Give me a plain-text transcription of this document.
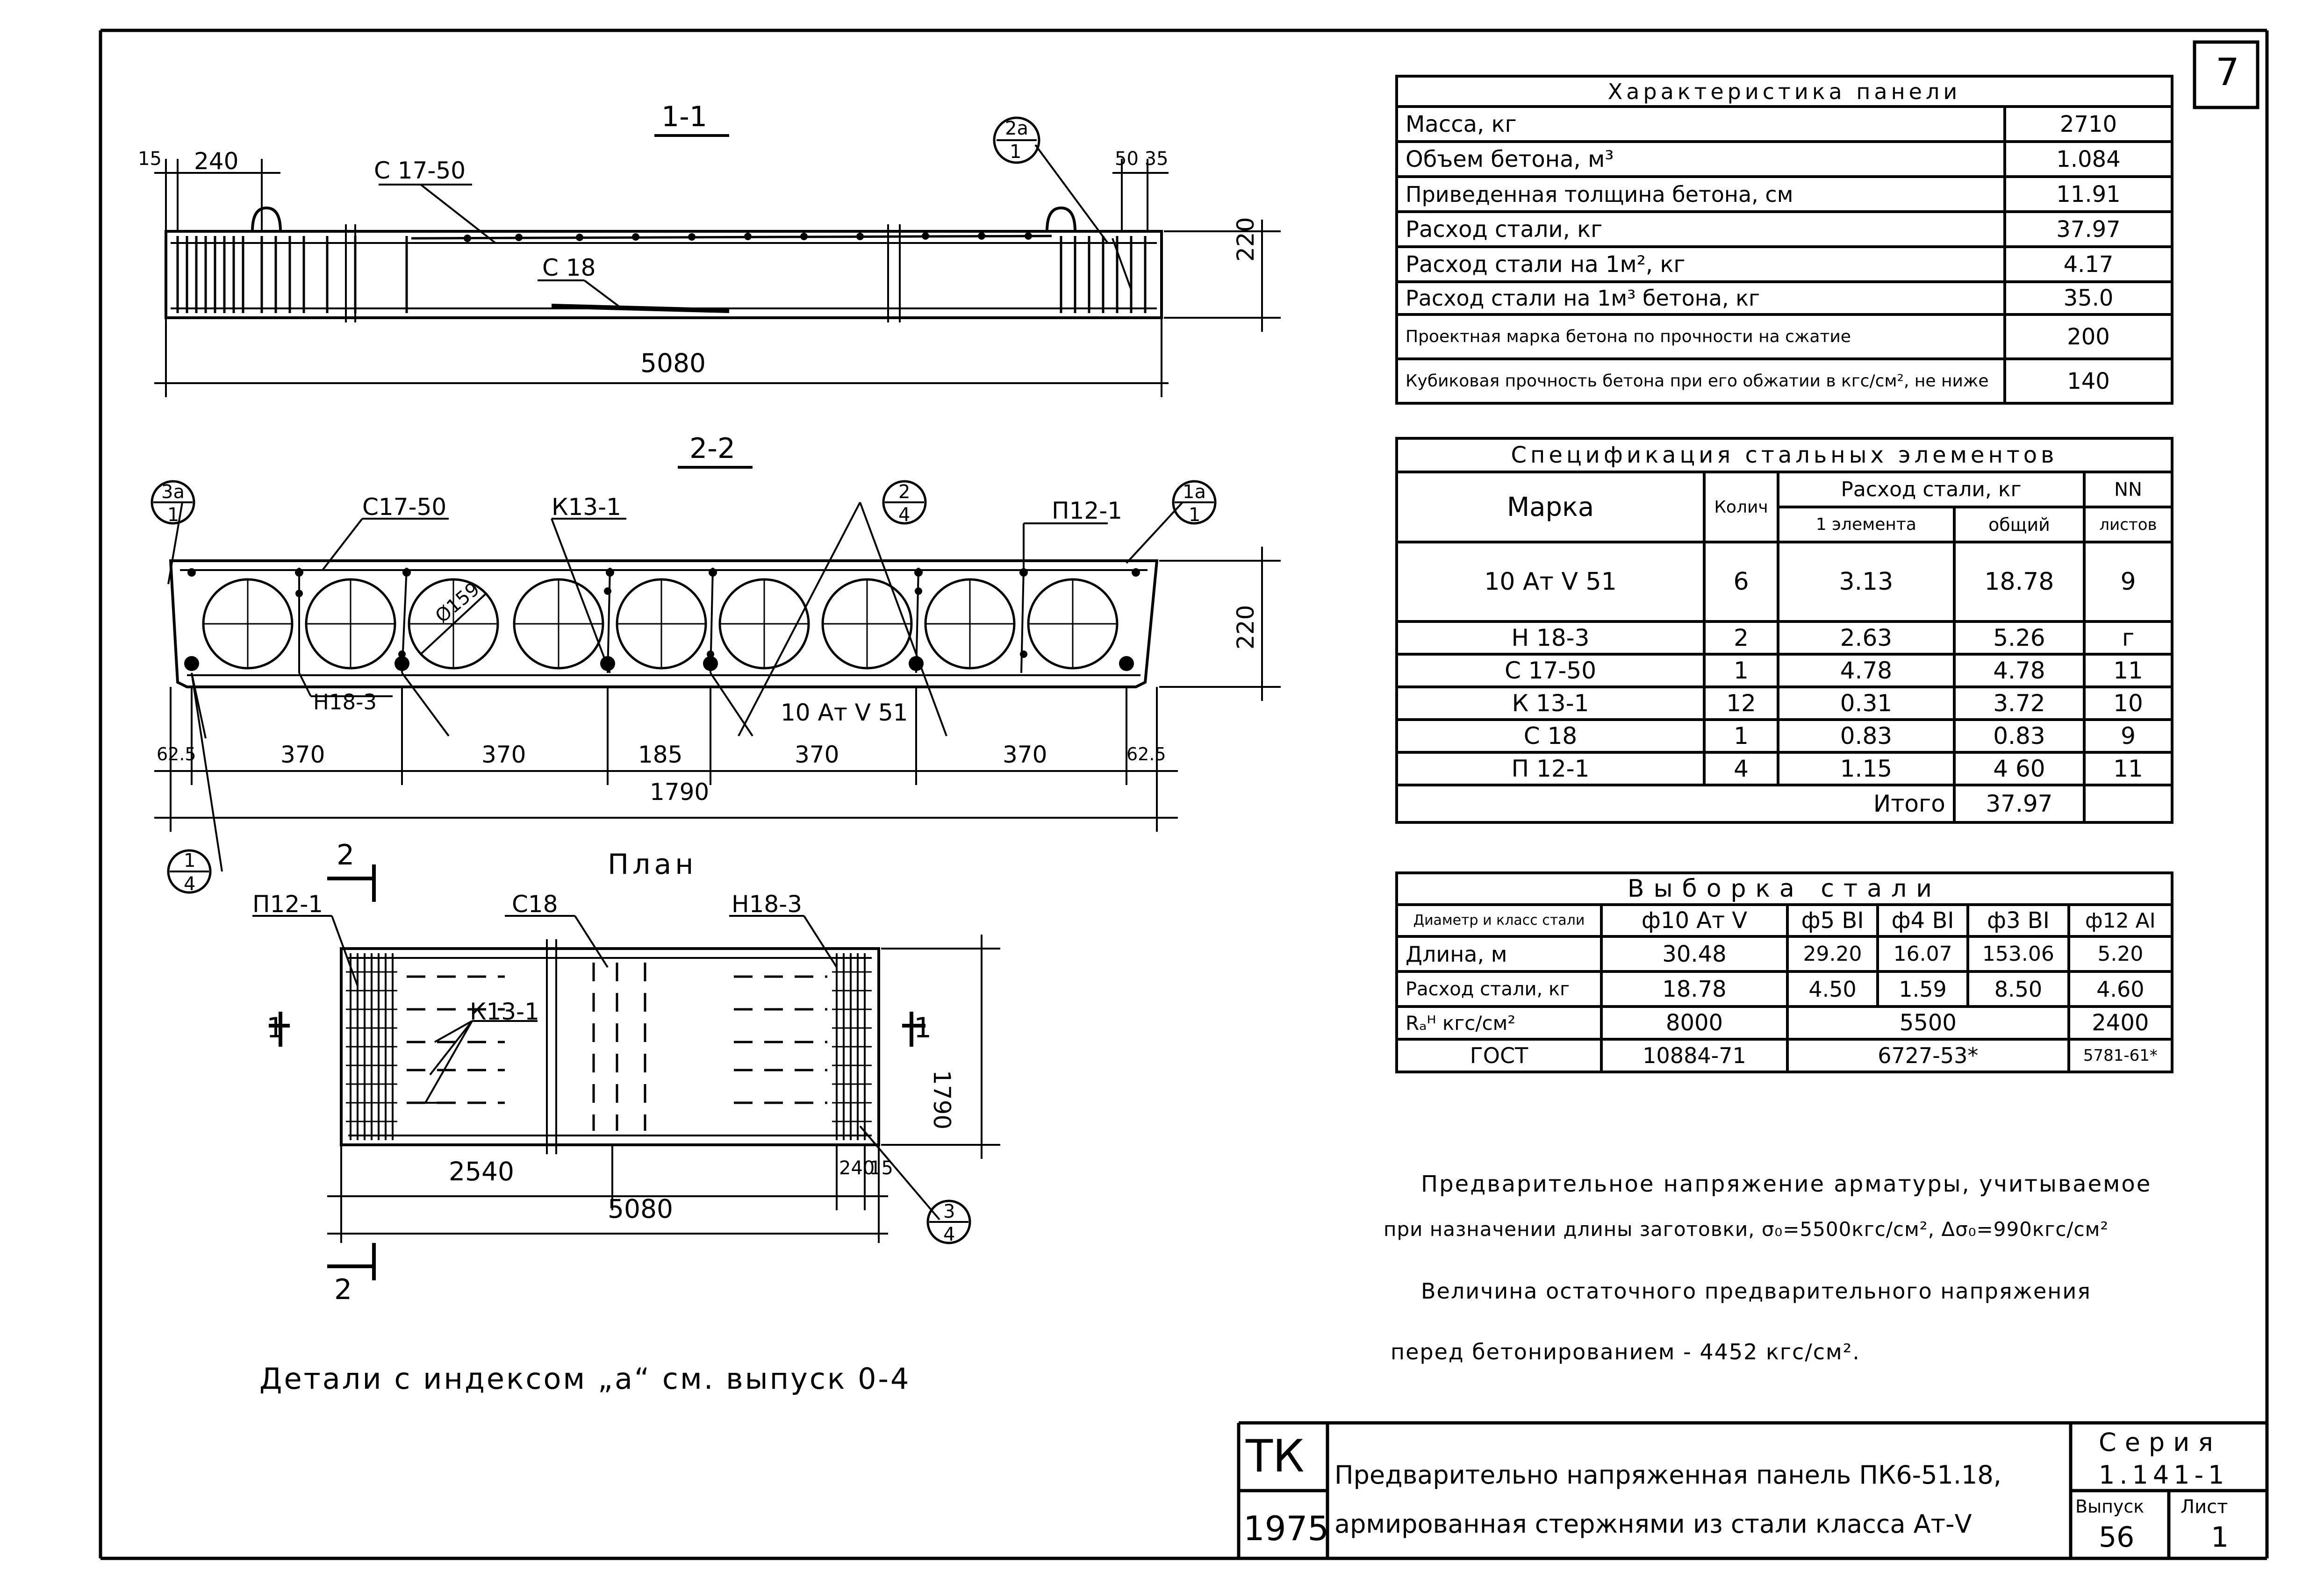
7
1-1
15 240	С 17-50	50 35
2a
1
С 18
220
5080
2-2
3a
1	С17-50	К13-1
2
4	П12-1
1a
1
Ø159
220
Н18-3	10 Ат V 51
62.5	370	370	185	370	370	62.5
1790
1
4
План
2
П12-1	С18	Н18-3
1	1
К13-1
1790
2540	240
15
5080	3
4
2
Детали с индексом „a“ см. выпуск 0-4
Характеристика панели	
Масса, кг	2710
Объем бетона, м³	1.084
Приведенная толщина бетона, см	11.91
Расход стали, кг	37.97
Расход стали на 1м², кг	4.17
Расход стали на 1м³ бетона, кг	35.0
Проектная марка бетона по прочности на сжатие	200
Кубиковая прочность бетона при его обжатии в кгс/см², не ниже	140
Спецификация стальных элементов				
Марка	Колич	Расход стали, кг		NN
		1 элемента	общий	листов
10 Ат V 51	6	3.13	18.78	9
Н 18-3	2	2.63	5.26	г
С 17-50	1	4.78	4.78	11
К 13-1	12	0.31	3.72	10
С 18	1	0.83	0.83	9
П 12-1	4	1.15	4 60	11
Итого			37.97	
Выборка стали					
Диаметр и класс стали	ф10 Ат V	ф5 BI	ф4 BI	ф3 BI	ф12 AI
Длина, м	30.48	29.20	16.07	153.06	5.20
Расход стали, кг	18.78	4.50	1.59	8.50	4.60
Rₐᴴ кгс/см²	8000	5500			2400
ГОСТ	10884-71	6727-53*			5781-61*
Предварительное напряжение арматуры, учитываемое
при назначении длины заготовки, σ₀=5500кгс/см², Δσ₀=990кгс/см²
Величина остаточного предварительного напряжения
перед бетонированием - 4452 кгс/см².
ТК
1975
Предварительно напряженная панель ПК6-51.18,
армированная стержнями из стали класса Ат-V
Серия
1.141-1
Выпуск
56
Лист
1
